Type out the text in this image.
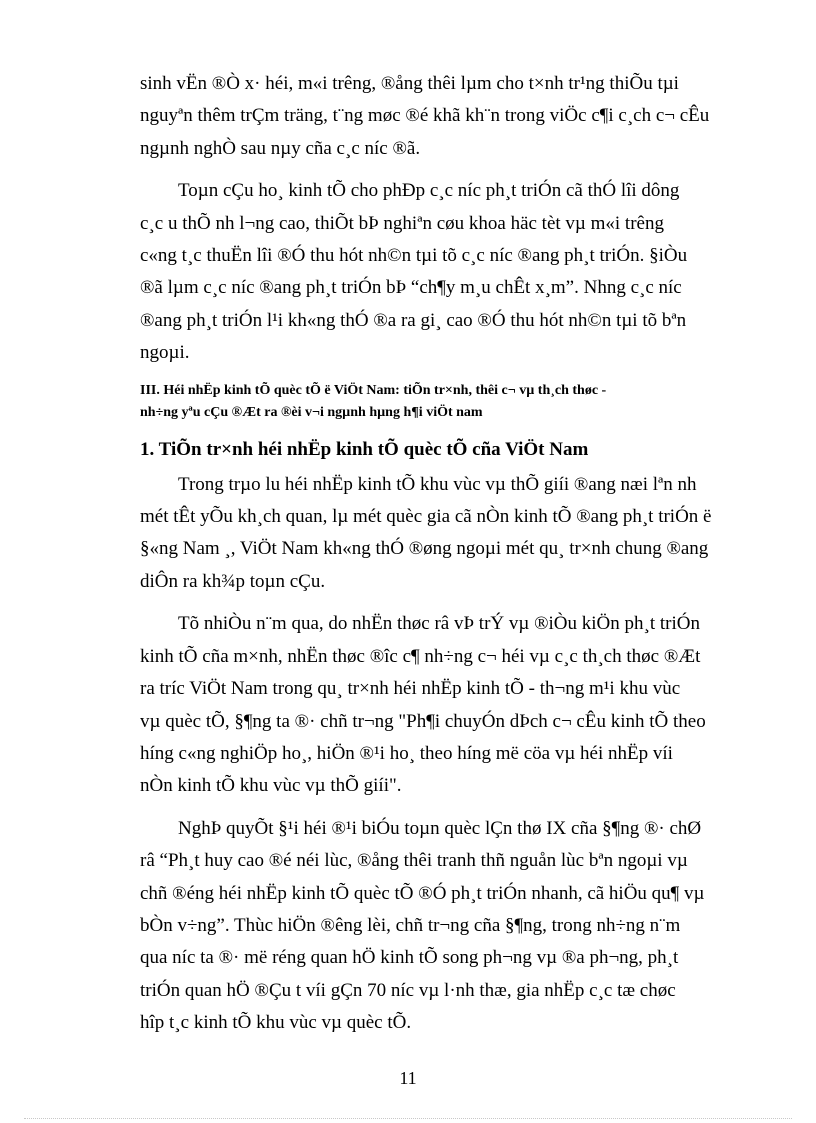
sinh vËn ®Ò x· héi, m«i trêng, ®ång thêi lµm cho t×nh tr¹ng thiÕu tµi
nguyªn thêm trÇm träng, t¨ng møc ®é khã kh¨n trong viÖc c¶i c¸ch c¬ cÊu
ngµnh nghÒ sau nµy cña c¸c níc ®ã.

Toµn cÇu ho¸ kinh tÕ cho phÐp c¸c níc ph¸t triÓn cã thÓ lîi dông
c¸c u thÕ nh l¬ng cao, thiÕt bÞ nghiªn cøu khoa häc tèt vµ m«i trêng
c«ng t¸c thuËn lîi ®Ó thu hót nh©n tµi tõ c¸c níc ®ang ph¸t triÓn. §iÒu
®ã lµm c¸c níc ®ang ph¸t triÓn bÞ “ch¶y m¸u chÊt x¸m”. Nhng c¸c níc
®ang ph¸t triÓn l¹i kh«ng thÓ ®a ra gi¸ cao ®Ó thu hót nh©n tµi tõ bªn
ngoµi.

III. Héi nhËp kinh tÕ quèc tÕ ë ViÖt Nam: tiÕn tr×nh, thêi c¬ vµ th¸ch thøc -
nh÷ng yªu cÇu ®Æt ra ®èi v¬i ngµnh hµng h¶i viÖt nam
1. TiÕn tr×nh héi nhËp kinh tÕ quèc tÕ cña ViÖt Nam

Trong trµo lu héi nhËp kinh tÕ khu vùc vµ thÕ giíi ®ang næi lªn nh
mét tÊt yÕu kh¸ch quan, lµ mét quèc gia cã nÒn kinh tÕ ®ang ph¸t triÓn ë
§«ng Nam ¸, ViÖt Nam kh«ng thÓ ®øng ngoµi mét qu¸ tr×nh chung ®ang
diÔn ra kh¾p toµn cÇu.

Tõ nhiÒu n¨m qua, do nhËn thøc râ vÞ trÝ vµ ®iÒu kiÖn ph¸t triÓn
kinh tÕ cña m×nh, nhËn thøc ®îc c¶ nh÷ng c¬ héi vµ c¸c th¸ch thøc ®Æt
ra tríc ViÖt Nam trong qu¸ tr×nh héi nhËp kinh tÕ - th¬ng m¹i khu vùc
vµ quèc tÕ, §¶ng ta ®· chñ tr¬ng "Ph¶i chuyÓn dÞch c¬ cÊu kinh tÕ theo
híng c«ng nghiÖp ho¸, hiÖn ®¹i ho¸ theo híng më cöa vµ héi nhËp víi
nÒn kinh tÕ khu vùc vµ thÕ giíi".

NghÞ quyÕt §¹i héi ®¹i biÓu toµn quèc lÇn thø IX cña §¶ng ®· chØ
râ “Ph¸t huy cao ®é néi lùc, ®ång thêi tranh thñ nguån lùc bªn ngoµi vµ
chñ ®éng héi nhËp kinh tÕ quèc tÕ ®Ó ph¸t triÓn nhanh, cã hiÖu qu¶ vµ
bÒn v÷ng”. Thùc hiÖn ®êng lèi, chñ tr¬ng cña §¶ng, trong nh÷ng n¨m
qua níc ta ®· më réng quan hÖ kinh tÕ song ph¬ng vµ ®a ph¬ng, ph¸t
triÓn quan hÖ ®Çu t víi gÇn 70 níc vµ l·nh thæ, gia nhËp c¸c tæ chøc
hîp t¸c kinh tÕ khu vùc vµ quèc tÕ.

11
